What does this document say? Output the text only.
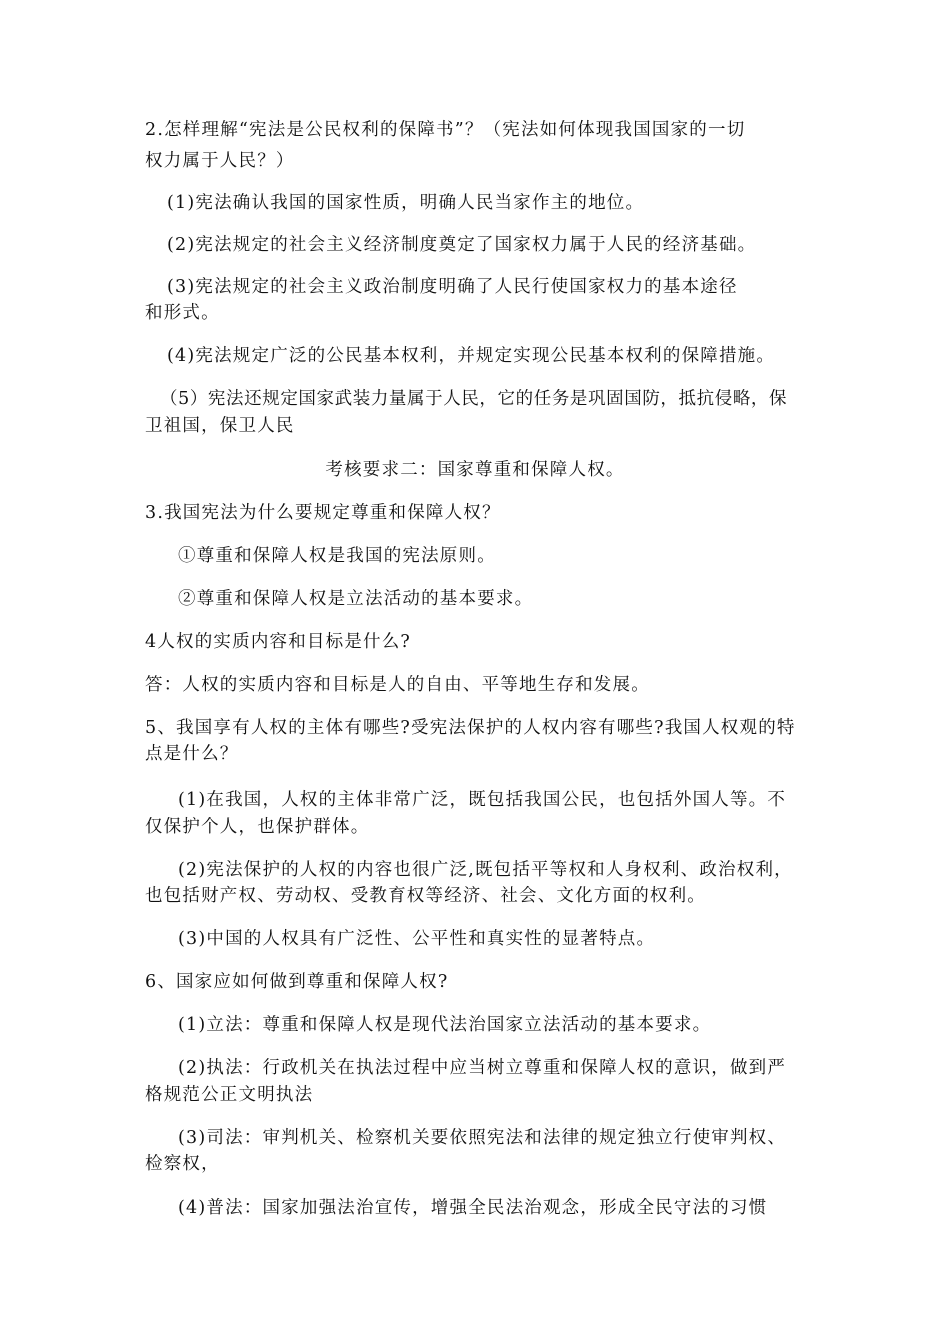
2.怎样理解“宪法是公民权利的保障书”？（宪法如何体现我国国家的一切
权力属于人民？）
(1)宪法确认我国的国家性质，明确人民当家作主的地位。
(2)宪法规定的社会主义经济制度奠定了国家权力属于人民的经济基础。
(3)宪法规定的社会主义政治制度明确了人民行使国家权力的基本途径
和形式。
(4)宪法规定广泛的公民基本权利，并规定实现公民基本权利的保障措施。
（5）宪法还规定国家武装力量属于人民，它的任务是巩固国防，抵抗侵略，保
卫祖国，保卫人民
考核要求二：国家尊重和保障人权。
3.我国宪法为什么要规定尊重和保障人权？
①尊重和保障人权是我国的宪法原则。
②尊重和保障人权是立法活动的基本要求。
4人权的实质内容和目标是什么?
答：人权的实质内容和目标是人的自由、平等地生存和发展。
5、我国享有人权的主体有哪些?受宪法保护的人权内容有哪些?我国人权观的特
点是什么？
(1)在我国，人权的主体非常广泛，既包括我国公民，也包括外国人等。不
仅保护个人，也保护群体。
(2)宪法保护的人权的内容也很广泛,既包括平等权和人身权利、政治权利，
也包括财产权、劳动权、受教育权等经济、社会、文化方面的权利。
(3)中国的人权具有广泛性、公平性和真实性的显著特点。
6、国家应如何做到尊重和保障人权?
(1)立法：尊重和保障人权是现代法治国家立法活动的基本要求。
(2)执法：行政机关在执法过程中应当树立尊重和保障人权的意识，做到严
格规范公正文明执法
(3)司法：审判机关、检察机关要依照宪法和法律的规定独立行使审判权、
检察权，
(4)普法：国家加强法治宣传，增强全民法治观念，形成全民守法的习惯
